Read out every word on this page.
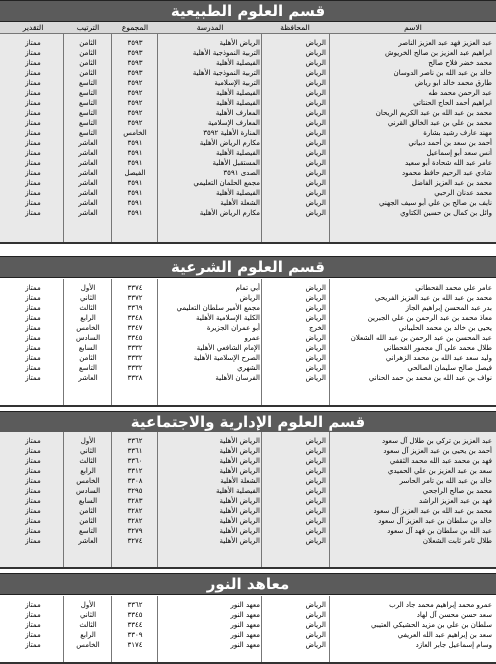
قسم العلوم الطبيعية
الاسم
المحافظة
المدرسة
المجموع
الترتيب
التقدير
عبد العزيز فهد عبد العزيز الناصر
الرياض
الرياض الأهلية
٣٥٩٣
الثامن
ممتاز
ابراهيم عبد العزيز بن صالح الخريوش
الرياض
التربية النموذجية الأهلية
٣٥٩٣
الثامن
ممتاز
محمد خضر فلاح صالح
الرياض
الفيصلية الأهلية
٣٥٩٣
الثامن
ممتاز
خالد بن عبد الله بن ناصر الدوسان
الرياض
التربية النموذجية الأهلية
٣٥٩٣
الثامن
ممتاز
طارق محمد خالد ابو رياض
الرياض
التربية الإسلامية
٣٥٩٢
التاسع
ممتاز
عبد الرحمن محمد طه
الرياض
الفيصلية الأهلية
٣٥٩٢
التاسع
ممتاز
ابراهيم أحمد الحاج الحنتاتي
الرياض
الفيصلية الأهلية
٣٥٩٢
التاسع
ممتاز
محمد بن عبد الله بن عبد الكريم الريحان
الرياض
المعارف الأهلية
٣٥٩٢
التاسع
ممتاز
محمد بن علي بن عبد الخالق القرني
الرياض
المعارف الإسلامية
٣٥٩٢
التاسع
ممتاز
مهند عارف رشيد بشارة
الرياض
المنارة الأهلية ٣٥٩٢
الخامس
التاسع
ممتاز
أحمد بن سعد بن أحمد دبياني
الرياض
مكارم الرياض الأهلية
٣٥٩١
العاشر
ممتاز
أنس سعد أبو إسماعيل
الرياض
الفيصلية الأهلية
٣٥٩١
العاشر
ممتاز
عامر عبد الله شحادة أبو سعيد
الرياض
المستقبل الأهلية
٣٥٩١
العاشر
ممتاز
شادي عبد الرحيم حافظ محمود
الرياض
الصدى ٣٥٩١
الفيصل
العاشر
ممتاز
محمد بن عبد العزيز الفاضل
الرياض
مجمع الحلمان التعليمي
٣٥٩١
العاشر
ممتاز
محمد عدنان الرحبي
الرياض
الفيصلية الأهلية
٣٥٩١
العاشر
ممتاز
نايف بن صالح بن علي أبو سيف الجهني
الرياض
الشعلة الأهلية
٣٥٩١
العاشر
ممتاز
وائل بن كمال بن حسين الكتاوي
الرياض
مكارم الرياض الأهلية
٣٥٩١
العاشر
ممتاز
قسم العلوم الشرعية
عامر علي محمد القحطاني
الرياض
أبي تمام
٣٣٧٤
الأول
ممتاز
محمد بن عبد الله بن عبد العزيز الفريحي
الرياض
الرياض
٣٣٧٢
الثاني
ممتاز
بدر عبد المحسن إبراهيم الجاز
الرياض
مجمع الأمير سلطان التعليمي
٣٣٦٩
الثالث
ممتاز
معاذ محمد بن عبد الرحمن بن علي الجبرين
الرياض
الكلية الإسلامية الأهلية
٣٣٤٨
الرابع
ممتاز
يحيى بن خالد بن محمد الحليباني
الخرج
أبو عمران الجزيرة
٣٣٤٧
الخامس
ممتاز
عبد المحسن بن عبد الرحمن بن عبد الله الشعلان
الرياض
عمرو
٣٣٤٥
السادس
ممتاز
طلال محمد علي آل مجمور القحطاني
الرياض
الإمام الشافعي الأهلية
٣٣٣٢
السابع
ممتاز
وليد سعد عبد الله بن محمد الزهراني
الرياض
الصرح الإسلامية الأهلية
٣٣٣٢
الثامن
ممتاز
فيصل صالح سليمان الصالحي
الرياض
الشهري
٣٣٣٢
التاسع
ممتاز
نواف بن عبد الله بن محمد بن حمد الحناني
الرياض
الفرسان الأهلية
٣٣٢٨
العاشر
ممتاز
قسم العلوم الإدارية والاجتماعية
عبد العزيز بن تركي بن طلال آل سعود
الرياض
الرياض الأهلية
٣٣٦٢
الأول
ممتاز
أحمد بن يحيى بن عبد العزيز آل سعود
الرياض
الرياض الأهلية
٣٣٦١
الثاني
ممتاز
فهد بن محمد عبد الله محمد الثقفي
الرياض
الرياض الأهلية
٣٣٦٠
الثالث
ممتاز
سعد بن عبد العزيز بن علي الحميدي
الرياض
الرياض الأهلية
٣٣١٢
الرابع
ممتاز
خالد بن عبد الله بن تامر الحاسر
الرياض
الشعلة الأهلية
٣٣٠٨
الخامس
ممتاز
محمد بن صالح الراجحي
الرياض
الفيصلية الأهلية
٣٢٩٥
السادس
ممتاز
فهد بن عبد العزيز الراشد
الرياض
الرياض الأهلية
٣٢٨٣
السابع
ممتاز
محمد بن عبد الله بن عبد العزيز آل سعود
الرياض
الرياض الأهلية
٣٢٨٢
الثامن
ممتاز
خالد بن سلطان بن عبد العزيز آل سعود
الرياض
الرياض الأهلية
٣٢٨٢
الثامن
ممتاز
عبد الله بن سلطان بن فهد آل سعود
الرياض
الرياض الأهلية
٣٢٧٩
التاسع
ممتاز
طلال ثامر ثابت الشعلان
الرياض
الرياض الأهلية
٣٢٧٤
العاشر
ممتاز
معاهد النور
عمرو محمد إبراهيم محمد جاد الرب
الرياض
معهد النور
٣٣٦٢
الأول
ممتاز
سعد حسن محسن آل لهاد
الرياض
معهد النور
٣٣٤٥
الثاني
ممتاز
سلطان بن علي بن مزيد الحشيكي العتيبي
الرياض
معهد النور
٣٣٤٤
الثالث
ممتاز
سعد بن إبراهيم عبد الله العريفي
الرياض
معهد النور
٣٣٠٩
الرابع
ممتاز
وسام إسماعيل جابر العازد
الرياض
معهد النور
٣١٧٤
الخامس
ممتاز
